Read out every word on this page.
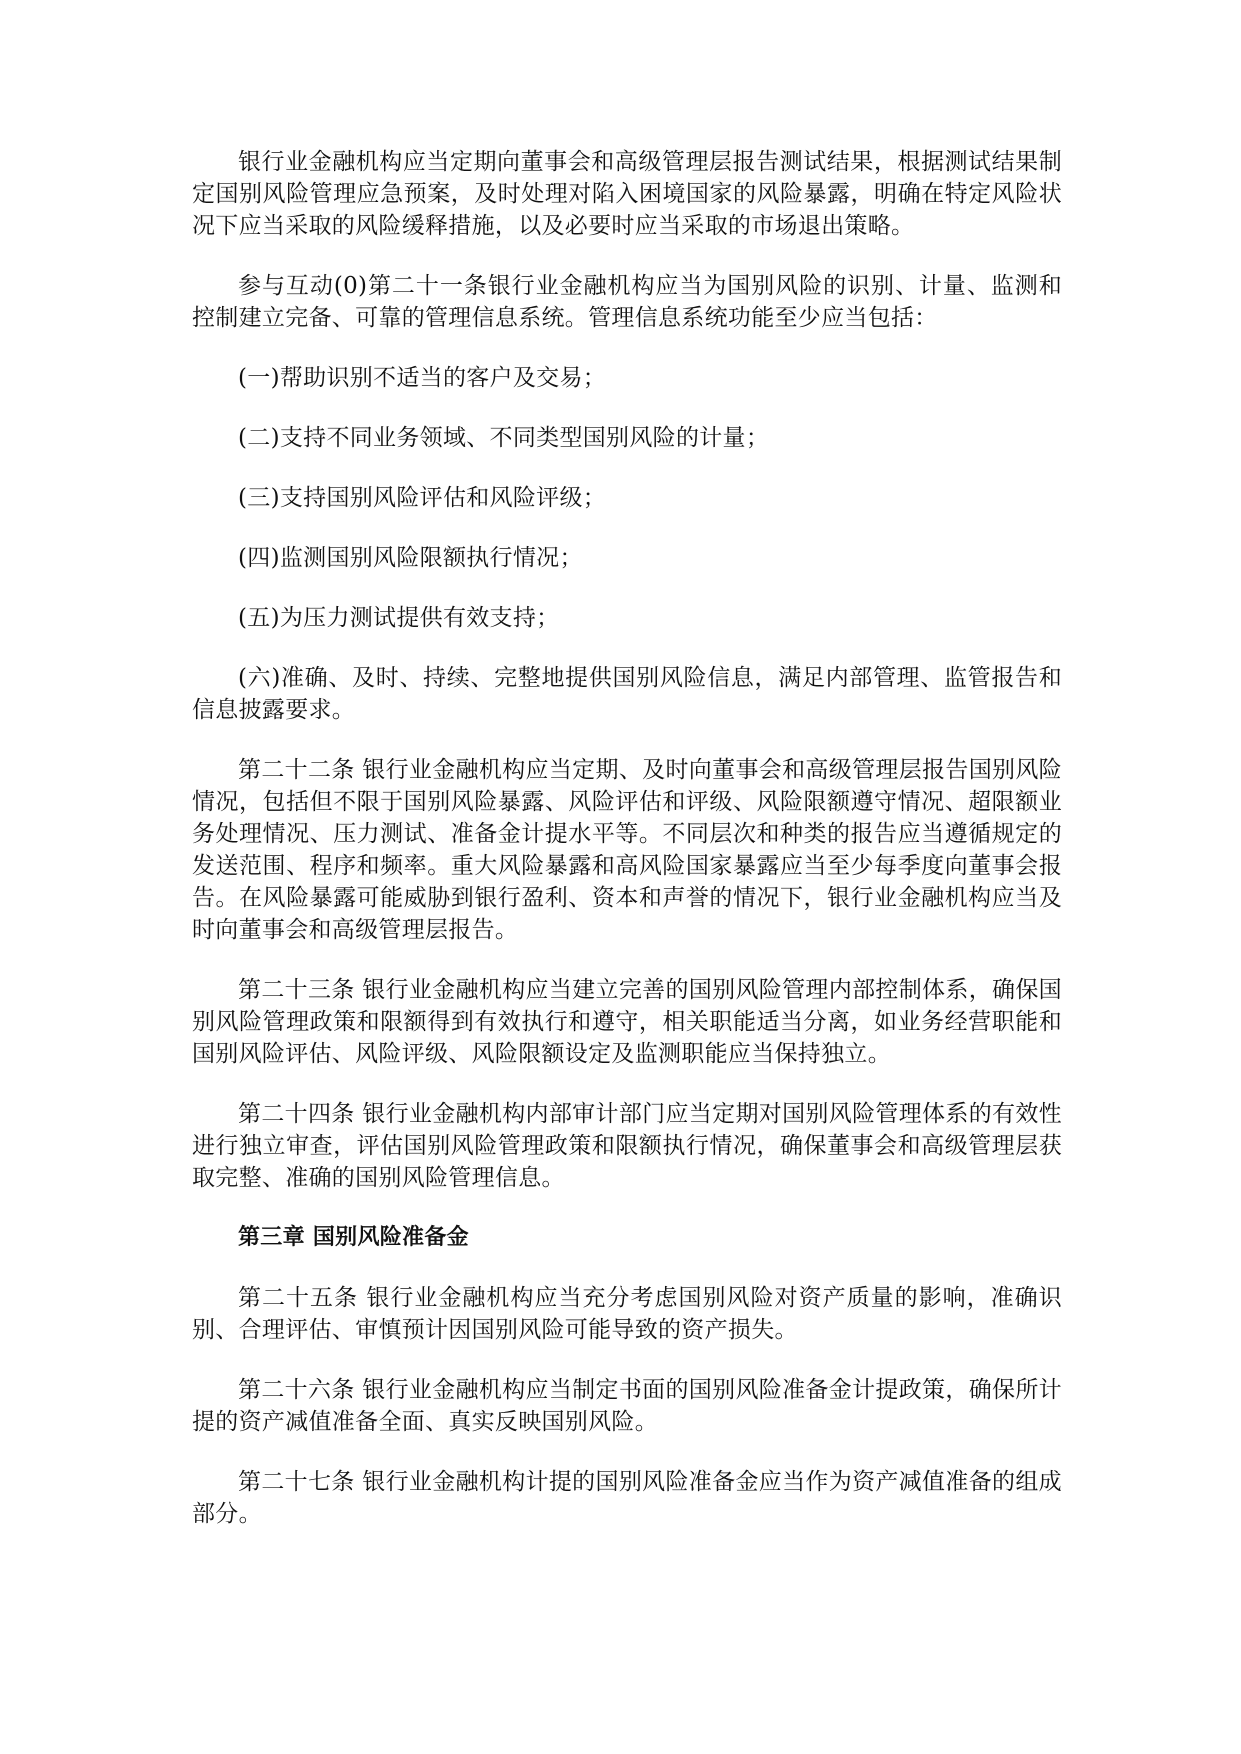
银行业金融机构应当定期向董事会和高级管理层报告测试结果，根据测试结果制定国别风险管理应急预案，及时处理对陷入困境国家的风险暴露，明确在特定风险状况下应当采取的风险缓释措施，以及必要时应当采取的市场退出策略。

参与互动(0)第二十一条银行业金融机构应当为国别风险的识别、计量、监测和控制建立完备、可靠的管理信息系统。管理信息系统功能至少应当包括：

(一)帮助识别不适当的客户及交易；

(二)支持不同业务领域、不同类型国别风险的计量；

(三)支持国别风险评估和风险评级；

(四)监测国别风险限额执行情况；

(五)为压力测试提供有效支持；

(六)准确、及时、持续、完整地提供国别风险信息，满足内部管理、监管报告和信息披露要求。

第二十二条 银行业金融机构应当定期、及时向董事会和高级管理层报告国别风险情况，包括但不限于国别风险暴露、风险评估和评级、风险限额遵守情况、超限额业务处理情况、压力测试、准备金计提水平等。不同层次和种类的报告应当遵循规定的发送范围、程序和频率。重大风险暴露和高风险国家暴露应当至少每季度向董事会报告。在风险暴露可能威胁到银行盈利、资本和声誉的情况下，银行业金融机构应当及时向董事会和高级管理层报告。

第二十三条 银行业金融机构应当建立完善的国别风险管理内部控制体系，确保国别风险管理政策和限额得到有效执行和遵守，相关职能适当分离，如业务经营职能和国别风险评估、风险评级、风险限额设定及监测职能应当保持独立。

第二十四条 银行业金融机构内部审计部门应当定期对国别风险管理体系的有效性进行独立审查，评估国别风险管理政策和限额执行情况，确保董事会和高级管理层获取完整、准确的国别风险管理信息。

第三章 国别风险准备金

第二十五条 银行业金融机构应当充分考虑国别风险对资产质量的影响，准确识别、合理评估、审慎预计因国别风险可能导致的资产损失。

第二十六条 银行业金融机构应当制定书面的国别风险准备金计提政策，确保所计提的资产减值准备全面、真实反映国别风险。

第二十七条 银行业金融机构计提的国别风险准备金应当作为资产减值准备的组成部分。
